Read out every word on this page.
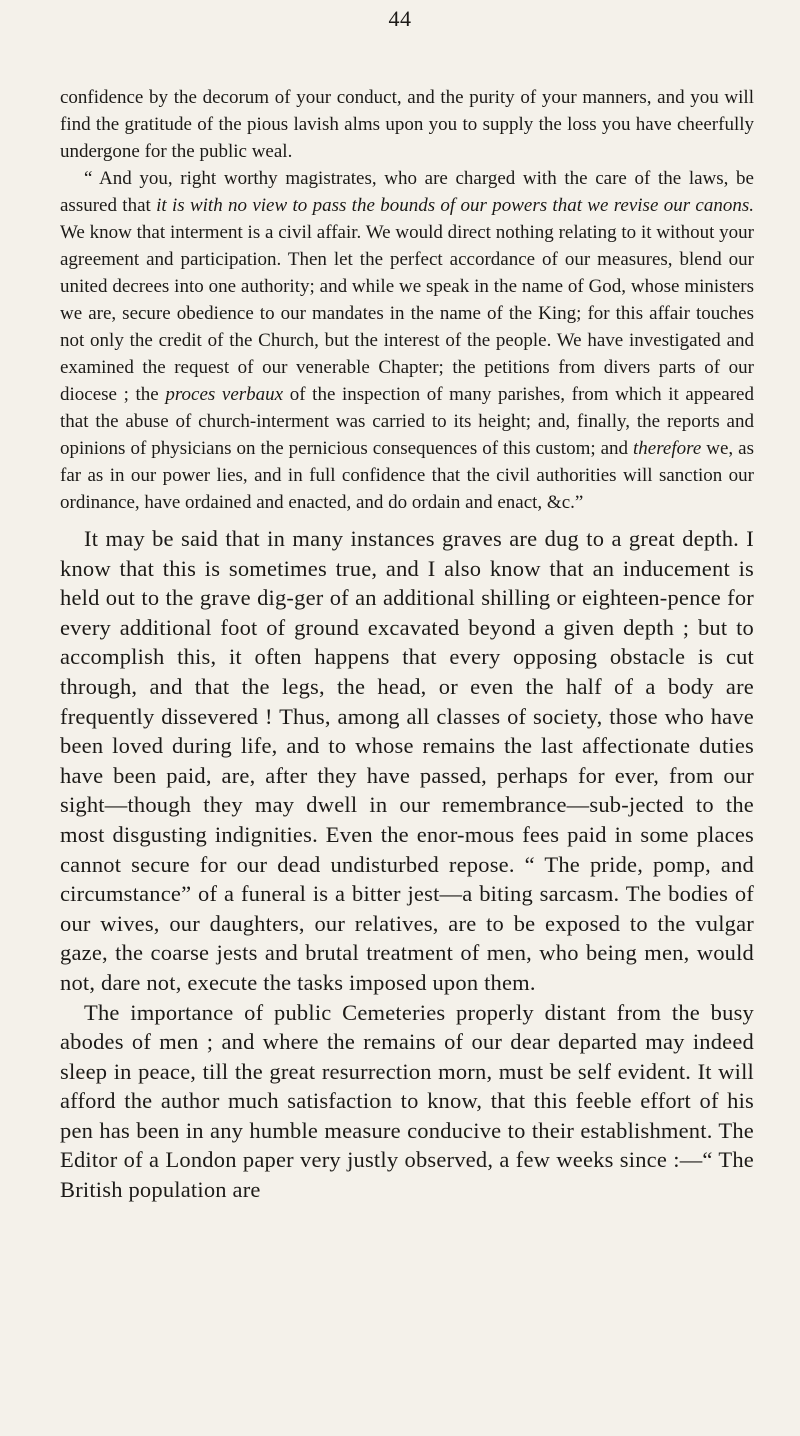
44

confidence by the decorum of your conduct, and the purity of your manners, and you will find the gratitude of the pious lavish alms upon you to supply the loss you have cheerfully undergone for the public weal.

“ And you, right worthy magistrates, who are charged with the care of the laws, be assured that it is with no view to pass the bounds of our powers that we revise our canons. We know that interment is a civil affair. We would direct nothing relating to it without your agreement and participation. Then let the perfect accordance of our measures, blend our united decrees into one authority; and while we speak in the name of God, whose ministers we are, secure obedience to our mandates in the name of the King; for this affair touches not only the credit of the Church, but the interest of the people. We have investigated and examined the request of our venerable Chapter; the petitions from divers parts of our diocese ; the proces verbaux of the inspection of many parishes, from which it appeared that the abuse of church-interment was carried to its height; and, finally, the reports and opinions of physicians on the pernicious consequences of this custom; and therefore we, as far as in our power lies, and in full confidence that the civil authorities will sanction our ordinance, have ordained and enacted, and do ordain and enact, &c.”

It may be said that in many instances graves are dug to a great depth. I know that this is sometimes true, and I also know that an inducement is held out to the grave dig-ger of an additional shilling or eighteen-pence for every additional foot of ground excavated beyond a given depth ; but to accomplish this, it often happens that every opposing obstacle is cut through, and that the legs, the head, or even the half of a body are frequently dissevered ! Thus, among all classes of society, those who have been loved during life, and to whose remains the last affectionate duties have been paid, are, after they have passed, perhaps for ever, from our sight—though they may dwell in our remembrance—sub-jected to the most disgusting indignities. Even the enor-mous fees paid in some places cannot secure for our dead undisturbed repose. “ The pride, pomp, and circumstance” of a funeral is a bitter jest—a biting sarcasm. The bodies of our wives, our daughters, our relatives, are to be exposed to the vulgar gaze, the coarse jests and brutal treatment of men, who being men, would not, dare not, execute the tasks imposed upon them.

The importance of public Cemeteries properly distant from the busy abodes of men ; and where the remains of our dear departed may indeed sleep in peace, till the great resurrection morn, must be self evident. It will afford the author much satisfaction to know, that this feeble effort of his pen has been in any humble measure conducive to their establishment. The Editor of a London paper very justly observed, a few weeks since :—“ The British population are
